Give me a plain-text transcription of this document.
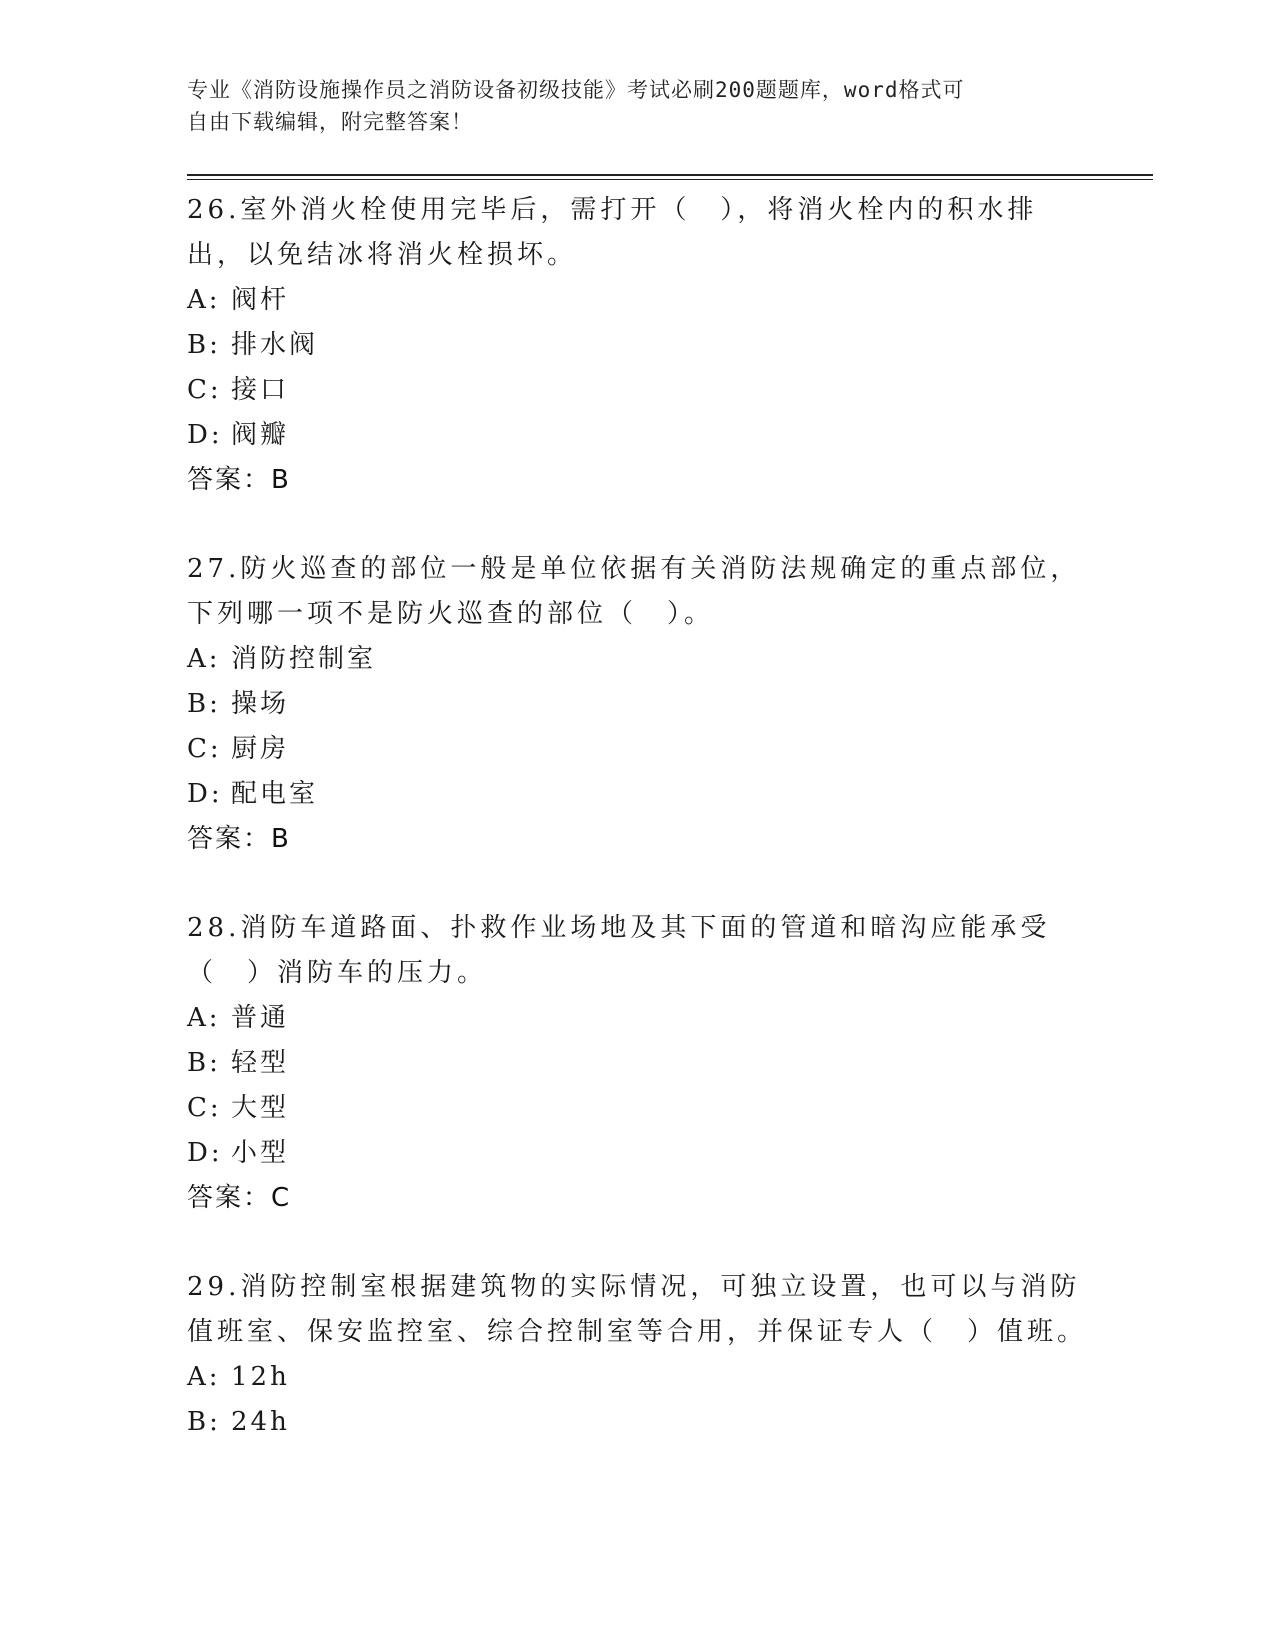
专业《消防设施操作员之消防设备初级技能》考试必刷200题题库，word格式可
自由下载编辑，附完整答案！

26.室外消火栓使用完毕后，需打开（　），将消火栓内的积水排出，以免结冰将消火栓损坏。

A: 阀杆

B: 排水阀

C: 接口

D: 阀瓣

答案：B

27.防火巡查的部位一般是单位依据有关消防法规确定的重点部位，下列哪一项不是防火巡查的部位（　）。

A: 消防控制室

B: 操场

C: 厨房

D: 配电室

答案：B

28.消防车道路面、扑救作业场地及其下面的管道和暗沟应能承受（　）消防车的压力。

A: 普通

B: 轻型

C: 大型

D: 小型

答案：C

29.消防控制室根据建筑物的实际情况，可独立设置，也可以与消防值班室、保安监控室、综合控制室等合用，并保证专人（　）值班。

A: 12h

B: 24h
